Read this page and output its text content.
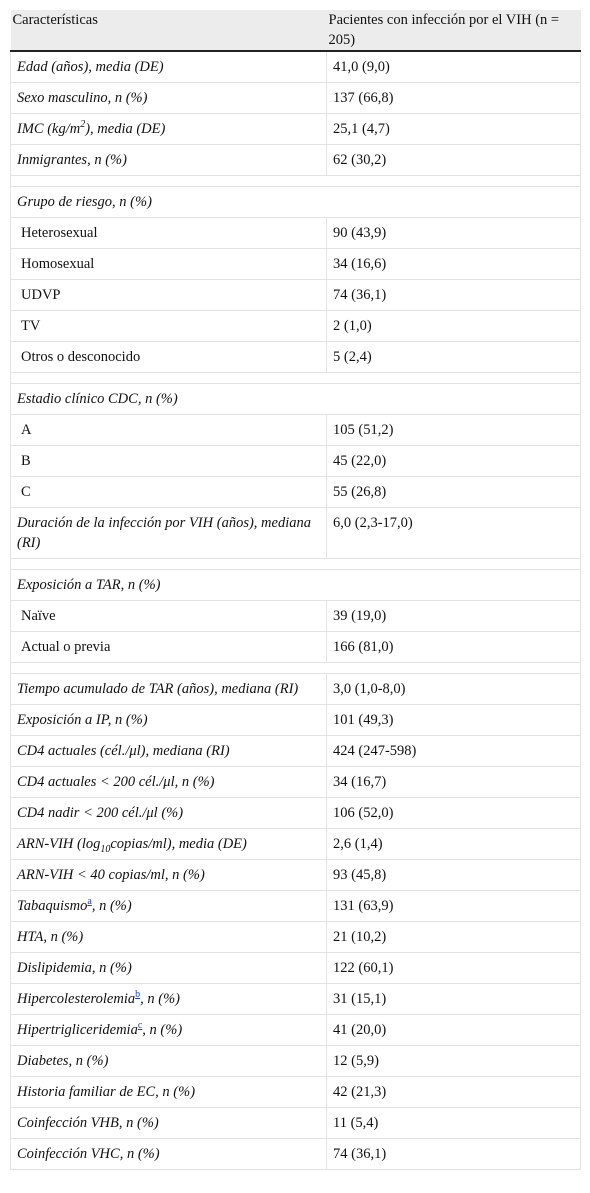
Características	Pacientes con infección por el VIH (n = 205)
Edad (años), media (DE)	41,0 (9,0)
Sexo masculino, n (%)	137 (66,8)
IMC $(kg/m^2)$, media (DE)	25,1 (4,7)
Inmigrantes, n (%)	62 (30,2)

Grupo de riesgo, n (%)	
Heterosexual	90 (43,9)
Homosexual	34 (16,6)
UDVP	74 (36,1)
TV	2 (1,0)
Otros o desconocido	5 (2,4)

Estadio clínico CDC, n (%)	
A	105 (51,2)
B	45 (22,0)
C	55 (26,8)
Duración de la infección por VIH (años), mediana (RI)	6,0 (2,3-17,0)

Exposición a TAR, n (%)	
Naïve	39 (19,0)
Actual o previa	166 (81,0)

Tiempo acumulado de TAR (años), mediana (RI)	3,0 (1,0-8,0)
Exposición a IP, n (%)	101 (49,3)
CD4 actuales (cél./μl), mediana (RI)	424 (247-598)
CD4 actuales < 200 cél./μl, n (%)	34 (16,7)
CD4 nadir < 200 cél./μl (%)	106 (52,0)
ARN-VIH $(\log_{10}copias/ml)$, media (DE)	2,6 (1,4)
ARN-VIH < 40 copias/ml, n (%)	93 (45,8)
Tabaquismo$^a$, n (%)	131 (63,9)
HTA, n (%)	21 (10,2)
Dislipidemia, n (%)	122 (60,1)
Hipercolesterolemia$^b$, n (%)	31 (15,1)
Hipertrigliceridemia$^c$, n (%)	41 (20,0)
Diabetes, n (%)	12 (5,9)
Historia familiar de EC, n (%)	42 (21,3)
Coinfección VHB, n (%)	11 (5,4)
Coinfección VHC, n (%)	74 (36,1)
